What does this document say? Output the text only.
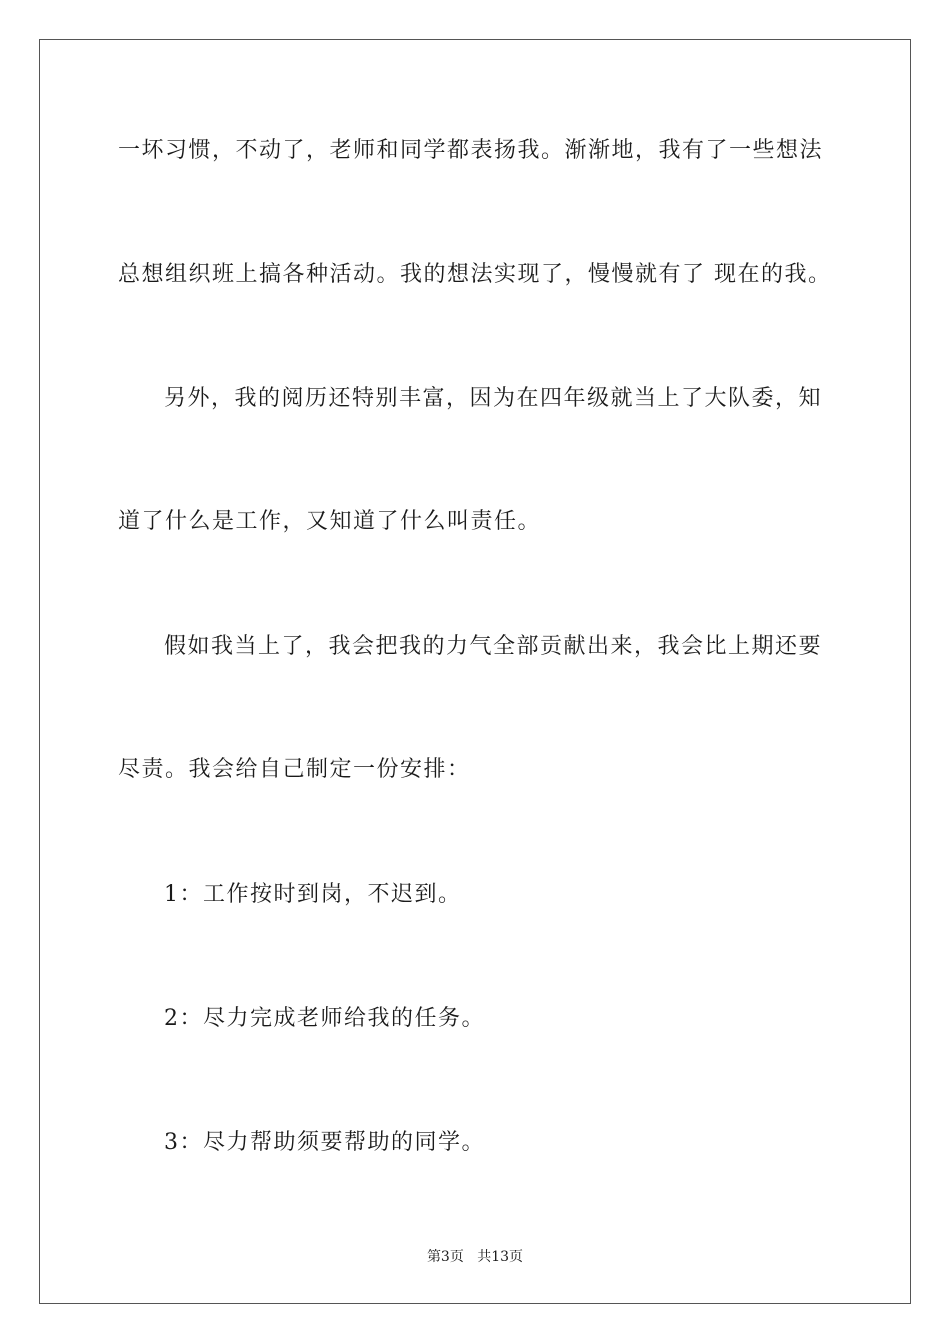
一坏习惯，不动了，老师和同学都表扬我。渐渐地，我有了一些想法
总想组织班上搞各种活动。我的想法实现了，慢慢就有了 现在的我。
另外，我的阅历还特别丰富，因为在四年级就当上了大队委，知
道了什么是工作，又知道了什么叫责任。
假如我当上了，我会把我的力气全部贡献出来，我会比上期还要
尽责。我会给自己制定一份安排：
1：工作按时到岗，不迟到。
2：尽力完成老师给我的任务。
3：尽力帮助须要帮助的同学。
第3页 共13页
